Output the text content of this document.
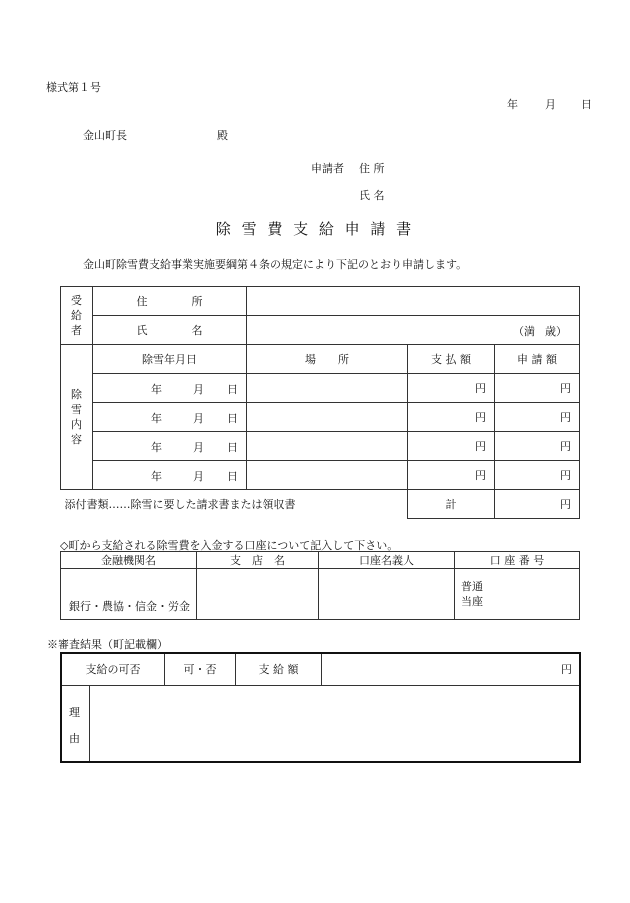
様式第１号
年 月 日
金山町長	殿
申請者 住 所
氏 名
除 雪 費 支 給 申 請 書
金山町除雪費支給事業実施要綱第４条の規定により下記のとおり申請します。
受
給
者	住　　　　所			
	氏　　　　名	（満 歳）		

除
雪
内
容	除雪年月日	場　　所	支 払 額	申 請 額

	年 月 日		円	円

	年 月 日		円	円

	年 月 日		円	円

	年 月 日		円	円
添付書類……除雪に要した請求書または領収書			計	円
◇町から支給される除雪費を入金する口座について記入して下さい。
金融機関名	支　店　名	口座名義人	口 座 番 号

銀行・農協・信金・労金			普通
当座
※審査結果（町記載欄）
支給の可否	可・否	支 給 額	円
理
由
